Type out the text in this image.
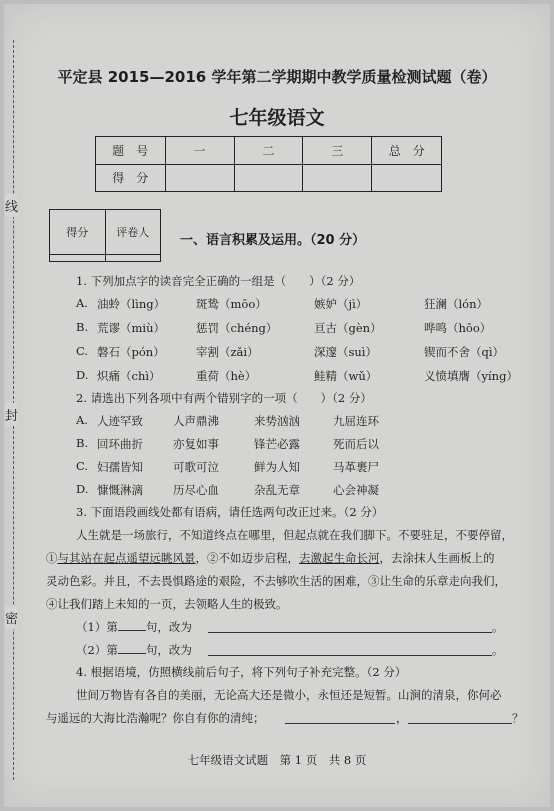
线
封
密
平定县 2015—2016 学年第二学期期中教学质量检测试题（卷）
七年级语文
题　号	一	二	三	总　分
得　分				
得分	评卷人

一、语言积累及运用。（20 分）
1. 下列加点字的读音完全正确的一组是（　　）（2 分）
A. 油蛉（lìng）	斑鸷（mōo）	嫉妒（jì）	狂澜（lón）
B. 荒谬（miù）	惩罚（chéng）	亘古（gèn）	哗鸣（hōo）
C. 磐石（pón）	宰割（zǎi）	深邃（suì）	锲而不舍（qì）
D. 炽痛（chì）	重荷（hè）	鲑精（wǔ）	义愤填膺（yíng）
2. 请选出下列各项中有两个错别字的一项（　　）（2 分）
A. 人迹罕致	人声鼎沸	来势汹汹	九屈连环
B. 回环曲折	亦复如事	锋芒必露	死而后以
C. 妇孺皆知	可歌可泣	鲜为人知	马革裹尸
D. 慷慨淋漓	历尽心血	杂乱无章	心会神凝
3. 下面语段画线处都有语病，请任选两句改正过来。（2 分）
人生就是一场旅行，不知道终点在哪里，但起点就在我们脚下。不要驻足，不要停留，
①与其站在起点遥望远眺风景，②不如迈步启程，去激起生命长河，去涂抹人生画板上的
灵动色彩。并且，不去畏惧路途的艰险，不去够吹生活的困难，③让生命的乐章走向我们，
④让我们踏上未知的一页，去领略人生的极致。
（1）第 句，改为	。
（2）第 句，改为	。
4. 根据语境，仿照横线前后句子，将下列句子补充完整。（2 分）
世间万物皆有各自的美丽，无论高大还是微小，永恒还是短暂。山涧的清泉，你何必
与遥远的大海比浩瀚呢？你自有你的清纯；	，	？
七年级语文试题　第 1 页　共 8 页
